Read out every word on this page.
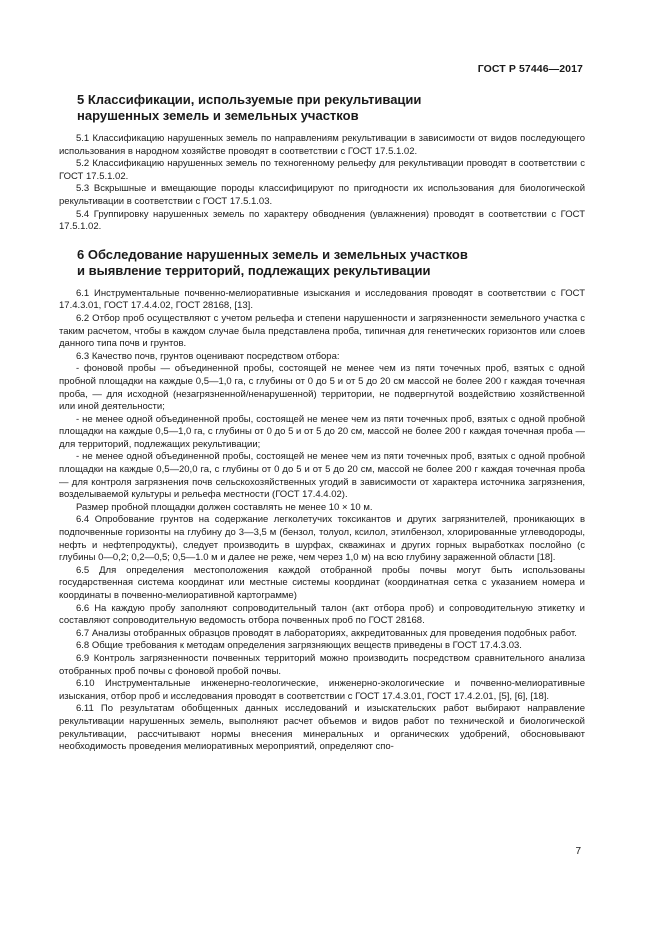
ГОСТ Р 57446—2017
5 Классификации, используемые при рекультивации
нарушенных земель и земельных участков

5.1 Классификацию нарушенных земель по направлениям рекультивации в зависимости от видов последующего использования в народном хозяйстве проводят в соответствии с ГОСТ 17.5.1.02.

5.2 Классификацию нарушенных земель по техногенному рельефу для рекультивации проводят в соответствии с ГОСТ 17.5.1.02.

5.3 Вскрышные и вмещающие породы классифицируют по пригодности их использования для биологической рекультивации в соответствии с ГОСТ 17.5.1.03.

5.4 Группировку нарушенных земель по характеру обводнения (увлажнения) проводят в соответствии с ГОСТ 17.5.1.02.

6 Обследование нарушенных земель и земельных участков
и выявление территорий, подлежащих рекультивации

6.1 Инструментальные почвенно-мелиоративные изыскания и исследования проводят в соответствии с ГОСТ 17.4.3.01, ГОСТ 17.4.4.02, ГОСТ 28168, [13].

6.2 Отбор проб осуществляют с учетом рельефа и степени нарушенности и загрязненности земельного участка с таким расчетом, чтобы в каждом случае была представлена проба, типичная для генетических горизонтов или слоев данного типа почв и грунтов.

6.3 Качество почв, грунтов оценивают посредством отбора:

- фоновой пробы — объединенной пробы, состоящей не менее чем из пяти точечных проб, взятых с одной пробной площадки на каждые 0,5—1,0 га, с глубины от 0 до 5 и от 5 до 20 см массой не более 200 г каждая точечная проба, — для исходной (незагрязненной/ненарушенной) территории, не подвергнутой воздействию хозяйственной или иной деятельности;

- не менее одной объединенной пробы, состоящей не менее чем из пяти точечных проб, взятых с одной пробной площадки на каждые 0,5—1,0 га, с глубины от 0 до 5 и от 5 до 20 см, массой не более 200 г каждая точечная проба — для территорий, подлежащих рекультивации;

- не менее одной объединенной пробы, состоящей не менее чем из пяти точечных проб, взятых с одной пробной площадки на каждые 0,5—20,0 га, с глубины от 0 до 5 и от 5 до 20 см, массой не более 200 г каждая точечная проба — для контроля загрязнения почв сельскохозяйственных угодий в зависимости от характера источника загрязнения, возделываемой культуры и рельефа местности (ГОСТ 17.4.4.02).

Размер пробной площадки должен составлять не менее 10 × 10 м.

6.4 Опробование грунтов на содержание легколетучих токсикантов и других загрязнителей, проникающих в подпочвенные горизонты на глубину до 3—3,5 м (бензол, толуол, ксилол, этилбензол, хлорированные углеводороды, нефть и нефтепродукты), следует производить в шурфах, скважинах и других горных выработках послойно (с глубины 0—0,2; 0,2—0,5; 0,5—1.0 м и далее не реже, чем через 1,0 м) на всю глубину зараженной области [18].

6.5 Для определения местоположения каждой отобранной пробы почвы могут быть использованы государственная система координат или местные системы координат (координатная сетка с указанием номера и координаты в почвенно-мелиоративной картограмме)

6.6 На каждую пробу заполняют сопроводительный талон (акт отбора проб) и сопроводительную этикетку и составляют сопроводительную ведомость отбора почвенных проб по ГОСТ 28168.

6.7 Анализы отобранных образцов проводят в лабораториях, аккредитованных для проведения подобных работ.

6.8 Общие требования к методам определения загрязняющих веществ приведены в ГОСТ 17.4.3.03.

6.9 Контроль загрязненности почвенных территорий можно производить посредством сравнительного анализа отобранных проб почвы с фоновой пробой почвы.

6.10 Инструментальные инженерно-геологические, инженерно-экологические и почвенно-мелиоративные изыскания, отбор проб и исследования проводят в соответствии с ГОСТ 17.4.3.01, ГОСТ 17.4.2.01, [5], [6], [18].

6.11 По результатам обобщенных данных исследований и изыскательских работ выбирают направление рекультивации нарушенных земель, выполняют расчет объемов и видов работ по технической и биологической рекультивации, рассчитывают нормы внесения минеральных и органических удобрений, обосновывают необходимость проведения мелиоративных мероприятий, определяют спо-

7
